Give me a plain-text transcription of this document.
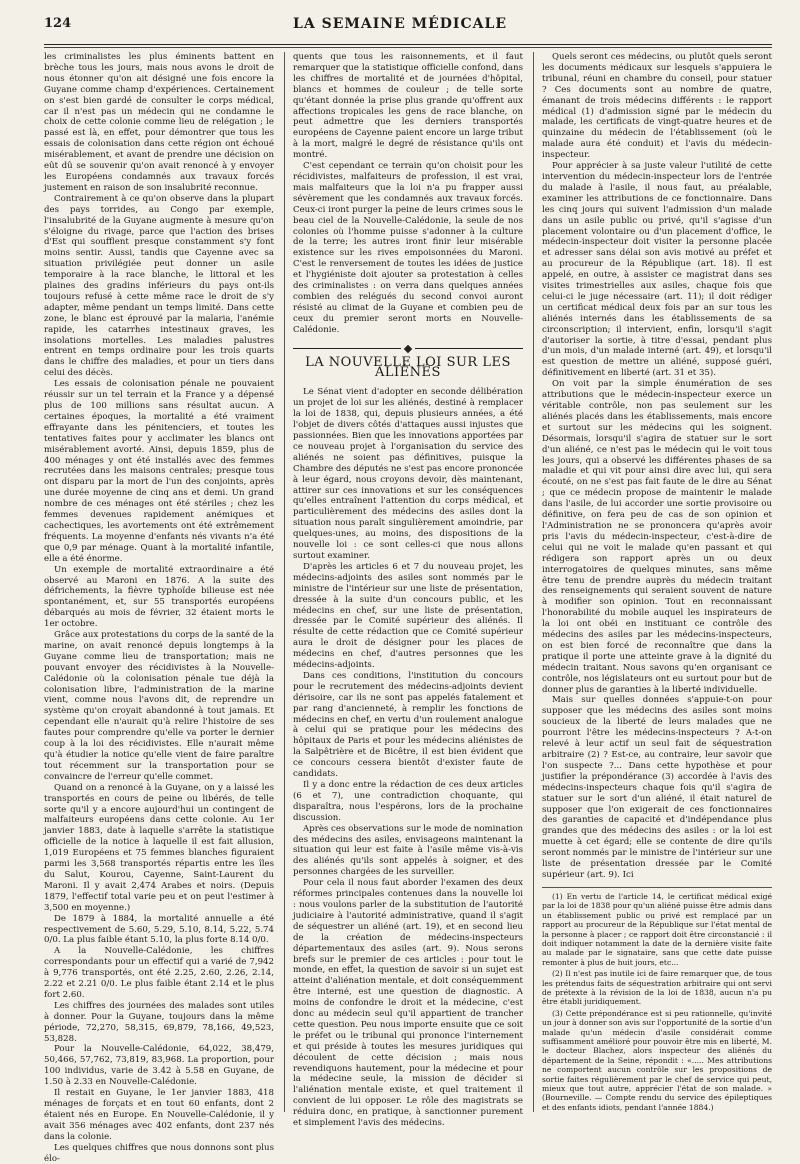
124	LA SEMAINE MÉDICALE

les criminalistes les plus éminents battent en brèche tous les jours, mais nous avons le droit de nous étonner qu'on ait désigné une fois encore la Guyane comme champ d'expériences. Certainement on s'est bien gardé de consulter le corps médical, car il n'est pas un médecin qui ne condamne le choix de cette colonie comme lieu de relégation ; le passé est là, en effet, pour démontrer que tous les essais de colonisation dans cette région ont échoué misérablement, et avant de prendre une décision on eût dû se souvenir qu'on avait renoncé à y envoyer les Européens condamnés aux travaux forcés justement en raison de son insalubrité reconnue.

Contrairement à ce qu'on observe dans la plupart des pays torrides, au Congo par exemple, l'insalubrité de la Guyane augmente à mesure qu'on s'éloigne du rivage, parce que l'action des brises d'Est qui soufflent presque constamment s'y font moins sentir. Aussi, tandis que Cayenne avec sa situation privilégiée peut donner un asile temporaire à la race blanche, le littoral et les plaines des gradins inférieurs du pays ont-ils toujours refusé à cette même race le droit de s'y adapter, même pendant un temps limité. Dans cette zone, le blanc est éprouvé par la malaria, l'anémie rapide, les catarrhes intestinaux graves, les insolations mortelles. Les maladies palustres entrent en temps ordinaire pour les trois quarts dans le chiffre des maladies, et pour un tiers dans celui des décès.

Les essais de colonisation pénale ne pouvaient réussir sur un tel terrain et la France y a dépensé plus de 100 millions sans résultat aucun. A certaines époques, la mortalité a été vraiment effrayante dans les pénitenciers, et toutes les tentatives faites pour y acclimater les blancs ont misérablement avorté. Ainsi, depuis 1859, plus de 400 ménages y ont été installés avec des femmes recrutées dans les maisons centrales; presque tous ont disparu par la mort de l'un des conjoints, après une durée moyenne de cinq ans et demi. Un grand nombre de ces ménages ont été stériles ; chez les femmes devenues rapidement anémiques et cachectiques, les avortements ont été extrêmement fréquents. La moyenne d'enfants nés vivants n'a été que 0,9 par ménage. Quant à la mortalité infantile, elle a été énorme.

Un exemple de mortalité extraordinaire a été observé au Maroni en 1876. A la suite des défrichements, la fièvre typhoïde bilieuse est née spontanément, et, sur 55 transportés européens débarqués au mois de février, 32 étaient morts le 1er octobre.

Grâce aux protestations du corps de la santé de la marine, on avait renoncé depuis longtemps à la Guyane comme lieu de transportation; mais ne pouvant envoyer des récidivistes à la Nouvelle-Calédonie où la colonisation pénale tue déjà la colonisation libre, l'administration de la marine vient, comme nous l'avons dit, de reprendre un système qu'on croyait abandonné à tout jamais. Et cependant elle n'aurait qu'à relire l'histoire de ses fautes pour comprendre qu'elle va porter le dernier coup à la loi des récidivistes. Elle n'aurait même qu'à étudier la notice qu'elle vient de faire paraître tout récemment sur la transportation pour se convaincre de l'erreur qu'elle commet.

Quand on a renoncé à la Guyane, on y a laissé les transportés en cours de peine ou libérés, de telle sorte qu'il y a encore aujourd'hui un contingent de malfaiteurs européens dans cette colonie. Au 1er janvier 1883, date à laquelle s'arrête la statistique officielle de la notice à laquelle il est fait allusion, 1,019 Européens et 75 femmes blanches figuraient parmi les 3,568 transportés répartis entre les îles du Salut, Kourou, Cayenne, Saint-Laurent du Maroni. Il y avait 2,474 Arabes et noirs. (Depuis 1879, l'effectif total varie peu et on peut l'estimer à 3,500 en moyenne.)

De 1879 à 1884, la mortalité annuelle a été respectivement de 5.60, 5.29, 5.10, 8.14, 5.22, 5.74 0/0. La plus faible étant 5.10, la plus forte 8.14 0/0.

A la Nouvelle-Calédonie, les chiffres correspondants pour un effectif qui a varié de 7,942 à 9,776 transportés, ont été 2.25, 2.60, 2.26, 2.14, 2.22 et 2.21 0/0. Le plus faible étant 2.14 et le plus fort 2.60.

Les chiffres des journées des malades sont utiles à donner. Pour la Guyane, toujours dans la même période, 72,270, 58,315, 69,879, 78,166, 49,523, 53,828.

Pour la Nouvelle-Calédonie, 64,022, 38,479, 50,466, 57,762, 73,819, 83,968. La proportion, pour 100 individus, varie de 3.42 à 5.58 en Guyane, de 1.50 à 2.33 en Nouvelle-Calédonie.

Il restait en Guyane, le 1er janvier 1883, 418 ménages de forçats et en tout 60 enfants, dont 2 étaient nés en Europe. En Nouvelle-Calédonie, il y avait 356 ménages avec 402 enfants, dont 237 nés dans la colonie.

Les quelques chiffres que nous donnons sont plus élo-

quents que tous les raisonnements, et il faut remarquer que la statistique officielle confond, dans les chiffres de mortalité et de journées d'hôpital, blancs et hommes de couleur ; de telle sorte qu'étant donnée la prise plus grande qu'offrent aux affections tropicales les gens de race blanche, on peut admettre que les derniers transportés européens de Cayenne paient encore un large tribut à la mort, malgré le degré de résistance qu'ils ont montré.

C'est cependant ce terrain qu'on choisit pour les récidivistes, malfaiteurs de profession, il est vrai, mais malfaiteurs que la loi n'a pu frapper aussi sévèrement que les condamnés aux travaux forcés. Ceux-ci iront purger la peine de leurs crimes sous le beau ciel de la Nouvelle-Calédonie, la seule de nos colonies où l'homme puisse s'adonner à la culture de la terre; les autres iront finir leur misérable existence sur les rives empoisonnées du Maroni. C'est le renversement de toutes les idées de justice et l'hygiéniste doit ajouter sa protestation à celles des criminalistes : on verra dans quelques années combien des relégués du second convoi auront résisté au climat de la Guyane et combien peu de ceux du premier seront morts en Nouvelle-Calédonie.

LA NOUVELLE LOI SUR LES ALIÉNÉS

Le Sénat vient d'adopter en seconde délibération un projet de loi sur les aliénés, destiné à remplacer la loi de 1838, qui, depuis plusieurs années, a été l'objet de divers côtés d'attaques aussi injustes que passionnées. Bien que les innovations apportées par ce nouveau projet à l'organisation du service des aliénés ne soient pas définitives, puisque la Chambre des députés ne s'est pas encore prononcée à leur égard, nous croyons devoir, dès maintenant, attirer sur ces innovations et sur les conséquences qu'elles entraînent l'attention du corps médical, et particulièrement des médecins des asiles dont la situation nous paraît singulièrement amoindrie, par quelques-unes, au moins, des dispositions de la nouvelle loi : ce sont celles-ci que nous allons surtout examiner.

D'après les articles 6 et 7 du nouveau projet, les médecins-adjoints des asiles sont nommés par le ministre de l'intérieur sur une liste de présentation, dressée à la suite d'un concours public, et les médecins en chef, sur une liste de présentation, dressée par le Comité supérieur des aliénés. Il résulte de cette rédaction que ce Comité supérieur aura le droit de désigner pour les places de médecins en chef, d'autres personnes que les médecins-adjoints.

Dans ces conditions, l'institution du concours pour le recrutement des médecins-adjoints devient dérisoire, car ils ne sont pas appelés fatalement et par rang d'ancienneté, à remplir les fonctions de médecins en chef, en vertu d'un roulement analogue à celui qui se pratique pour les médecins des hôpitaux de Paris et pour les médecins aliénistes de la Salpêtrière et de Bicêtre, il est bien évident que ce concours cessera bientôt d'exister faute de candidats.

Il y a donc entre la rédaction de ces deux articles (6 et 7), une contradiction choquante, qui disparaîtra, nous l'espérons, lors de la prochaine discussion.

Après ces observations sur le mode de nomination des médecins des asiles, envisageons maintenant la situation qui leur est faite à l'asile même vis-à-vis des aliénés qu'ils sont appelés à soigner, et des personnes chargées de les surveiller.

Pour cela il nous faut aborder l'examen des deux réformes principales contenues dans la nouvelle loi : nous voulons parler de la substitution de l'autorité judiciaire à l'autorité administrative, quand il s'agit de séquestrer un aliéné (art. 19), et en second lieu de la création de médecins-inspecteurs départementaux des asiles (art. 9). Nous serons brefs sur le premier de ces articles : pour tout le monde, en effet, la question de savoir si un sujet est atteint d'aliénation mentale, et doit conséquemment être interné, est une question de diagnostic. A moins de confondre le droit et la médecine, c'est donc au médecin seul qu'il appartient de trancher cette question. Peu nous importe ensuite que ce soit le préfet ou le tribunal qui prononce l'internement et qui préside à toutes les mesures juridiques qui découlent de cette décision ; mais nous revendiquons hautement, pour la médecine et pour la médecine seule, la mission de décider si l'aliénation mentale existe, et quel traitement il convient de lui opposer. Le rôle des magistrats se réduira donc, en pratique, à sanctionner purement et simplement l'avis des médecins.

Quels seront ces médecins, ou plutôt quels seront les documents médicaux sur lesquels s'appuiera le tribunal, réuni en chambre du conseil, pour statuer ? Ces documents sont au nombre de quatre, émanant de trois médecins différents : le rapport médical (1) d'admission signé par le médecin du malade, les certificats de vingt-quatre heures et de quinzaine du médecin de l'établissement (où le malade aura été conduit) et l'avis du médecin-inspecteur.

Pour apprécier à sa juste valeur l'utilité de cette intervention du médecin-inspecteur lors de l'entrée du malade à l'asile, il nous faut, au préalable, examiner les attributions de ce fonctionnaire. Dans les cinq jours qui suivent l'admission d'un malade dans un asile public ou privé, qu'il s'agisse d'un placement volontaire ou d'un placement d'office, le médecin-inspecteur doit visiter la personne placée et adresser sans délai son avis motivé au préfet et au procureur de la République (art. 18). Il est appelé, en outre, à assister ce magistrat dans ses visites trimestrielles aux asiles, chaque fois que celui-ci le juge nécessaire (art. 11); il doit rédiger un certificat médical deux fois par an sur tous les aliénés internés dans les établissements de sa circonscription; il intervient, enfin, lorsqu'il s'agit d'autoriser la sortie, à titre d'essai, pendant plus d'un mois, d'un malade interné (art. 49), et lorsqu'il est question de mettre un aliéné, supposé guéri, définitivement en liberté (art. 31 et 35).

On voit par la simple énumération de ses attributions que le médecin-inspecteur exerce un véritable contrôle, non pas seulement sur les aliénés placés dans les établissements, mais encore et surtout sur les médecins qui les soignent. Désormais, lorsqu'il s'agira de statuer sur le sort d'un aliéné, ce n'est pas le médecin qui le voit tous les jours, qui a observé les différentes phases de sa maladie et qui vit pour ainsi dire avec lui, qui sera écouté, on ne s'est pas fait faute de le dire au Sénat ; que ce médecin propose de maintenir le malade dans l'asile, de lui accorder une sortie provisoire ou définitive, on fera peu de cas de son opinion et l'Administration ne se prononcera qu'après avoir pris l'avis du médecin-inspecteur, c'est-à-dire de celui qui ne voit le malade qu'en passant et qui rédigera son rapport après un ou deux interrogatoires de quelques minutes, sans même être tenu de prendre auprès du médecin traitant des renseignements qui seraient souvent de nature à modifier son opinion. Tout en reconnaissant l'honorabilité du mobile auquel les inspirateurs de la loi ont obéi en instituant ce contrôle des médecins des asiles par les médecins-inspecteurs, on est bien forcé de reconnaître que dans la pratique il porte une atteinte grave à la dignité du médecin traitant. Nous savons qu'en organisant ce contrôle, nos législateurs ont eu surtout pour but de donner plus de garanties à la liberté individuelle.

Mais sur quelles données s'appuie-t-on pour supposer que les médecins des asiles sont moins soucieux de la liberté de leurs malades que ne pourront l'être les médecins-inspecteurs ? A-t-on relevé à leur actif un seul fait de séquestration arbitraire (2) ? Est-ce, au contraire, leur savoir que l'on suspecte ?... Dans cette hypothèse et pour justifier la prépondérance (3) accordée à l'avis des médecins-inspecteurs chaque fois qu'il s'agira de statuer sur le sort d'un aliéné, il était naturel de supposer que l'on exigerait de ces fonctionnaires des garanties de capacité et d'indépendance plus grandes que des médecins des asiles : or la loi est muette à cet égard; elle se contente de dire qu'ils seront nommés par le ministre de l'intérieur sur une liste de présentation dressée par le Comité supérieur (art. 9). Ici

(1) En vertu de l'article 14, le certificat médical exigé par la loi de 1838 pour qu'un aliéné puisse être admis dans un établissement public ou privé est remplacé par un rapport au procureur de la République sur l'état mental de la personne à placer ; ce rapport doit être circonstancié : il doit indiquer notamment la date de la dernière visite faite au malade par le signataire, sans que cette date puisse remonter à plus de huit jours, etc...

(2) Il n'est pas inutile ici de faire remarquer que, de tous les prétendus faits de séquestration arbitraire qui ont servi de prétexte à la révision de la loi de 1838, aucun n'a pu être établi juridiquement.

(3) Cette prépondérance est si peu rationnelle, qu'invité un jour à donner son avis sur l'opportunité de la sortie d'un malade qu'un médecin d'asile considérait comme suffisamment amélioré pour pouvoir être mis en liberté, M. le docteur Blachez, alors inspecteur des aliénés du département de la Seine, répondit : «..... Mes attributions ne comportent aucun contrôle sur les propositions de sortie faites régulièrement par le chef de service qui peut, mieux que tout autre, apprécier l'état de son malade. » (Bourneville. — Compte rendu du service des épileptiques et des enfants idiots, pendant l'année 1884.)
